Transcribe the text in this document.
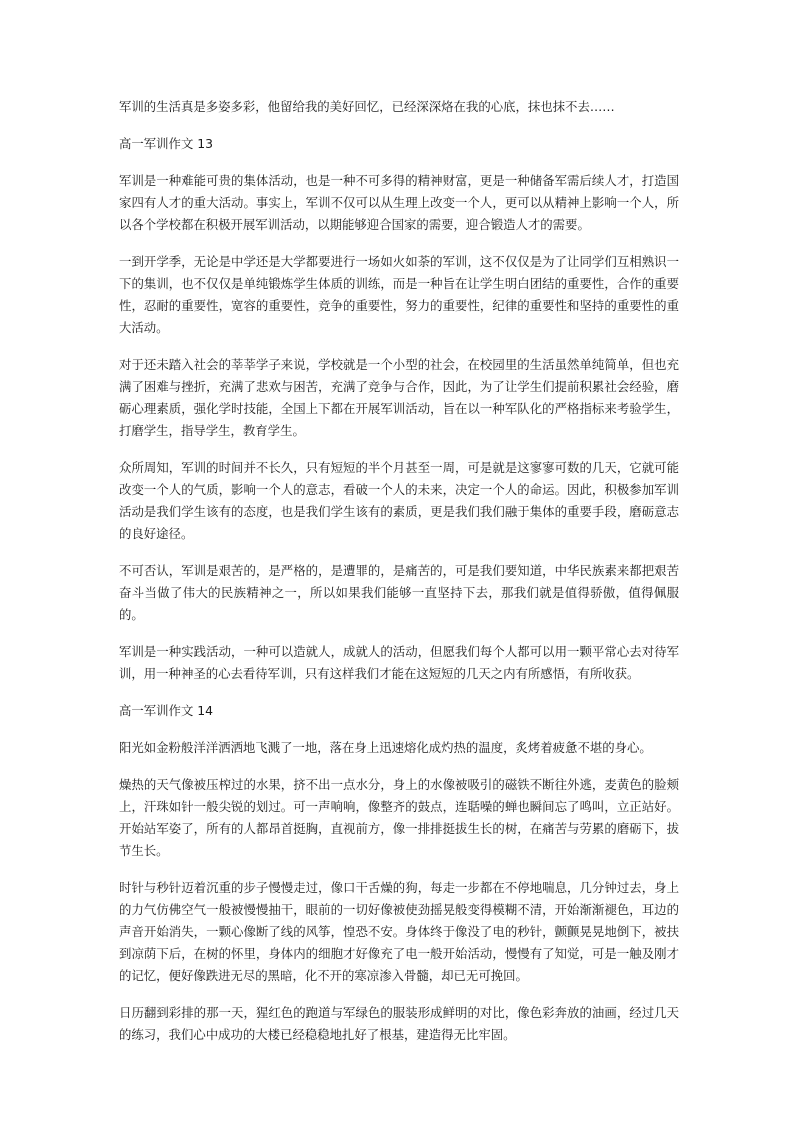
军训的生活真是多姿多彩，他留给我的美好回忆，已经深深烙在我的心底，抹也抹不去……

高一军训作文 13

军训是一种难能可贵的集体活动，也是一种不可多得的精神财富，更是一种储备军需后续人才，打造国家四有人才的重大活动。事实上，军训不仅可以从生理上改变一个人，更可以从精神上影响一个人，所以各个学校都在积极开展军训活动，以期能够迎合国家的需要，迎合锻造人才的需要。

一到开学季，无论是中学还是大学都要进行一场如火如荼的军训，这不仅仅是为了让同学们互相熟识一下的集训，也不仅仅是单纯锻炼学生体质的训练，而是一种旨在让学生明白团结的重要性，合作的重要性，忍耐的重要性，宽容的重要性，竞争的重要性，努力的重要性，纪律的重要性和坚持的重要性的重大活动。

对于还未踏入社会的莘莘学子来说，学校就是一个小型的社会，在校园里的生活虽然单纯简单，但也充满了困难与挫折，充满了悲欢与困苦，充满了竞争与合作，因此，为了让学生们提前积累社会经验，磨砺心理素质，强化学时技能，全国上下都在开展军训活动，旨在以一种军队化的严格指标来考验学生，打磨学生，指导学生，教育学生。

众所周知，军训的时间并不长久，只有短短的半个月甚至一周，可是就是这寥寥可数的几天，它就可能改变一个人的气质，影响一个人的意志，看破一个人的未来，决定一个人的命运。因此，积极参加军训活动是我们学生该有的态度，也是我们学生该有的素质，更是我们我们融于集体的重要手段，磨砺意志的良好途径。

不可否认，军训是艰苦的，是严格的，是遭罪的，是痛苦的，可是我们要知道，中华民族素来都把艰苦奋斗当做了伟大的民族精神之一，所以如果我们能够一直坚持下去，那我们就是值得骄傲，值得佩服的。

军训是一种实践活动，一种可以造就人，成就人的活动，但愿我们每个人都可以用一颗平常心去对待军训，用一种神圣的心去看待军训，只有这样我们才能在这短短的几天之内有所感悟，有所收获。

高一军训作文 14

阳光如金粉般洋洋洒洒地飞溅了一地，落在身上迅速熔化成灼热的温度，炙烤着疲惫不堪的身心。

燥热的天气像被压榨过的水果，挤不出一点水分，身上的水像被吸引的磁铁不断往外逃，麦黄色的脸颊上，汗珠如针一般尖锐的划过。可一声响响，像整齐的鼓点，连聒噪的蝉也瞬间忘了鸣叫，立正站好。开始站军姿了，所有的人都昂首挺胸，直视前方，像一排排挺拔生长的树，在痛苦与劳累的磨砺下，拔节生长。

时针与秒针迈着沉重的步子慢慢走过，像口干舌燥的狗，每走一步都在不停地喘息，几分钟过去，身上的力气仿佛空气一般被慢慢抽干，眼前的一切好像被使劲摇晃般变得模糊不清，开始渐渐褪色，耳边的声音开始消失，一颗心像断了线的风筝，惶恐不安。身体终于像没了电的秒针，颤颤晃晃地倒下，被扶到凉荫下后，在树的怀里，身体内的细胞才好像充了电一般开始活动，慢慢有了知觉，可是一触及刚才的记忆，便好像跌进无尽的黑暗，化不开的寒凉渗入骨髓，却已无可挽回。

日历翻到彩排的那一天，猩红色的跑道与军绿色的服装形成鲜明的对比，像色彩奔放的油画，经过几天的练习，我们心中成功的大楼已经稳稳地扎好了根基，建造得无比牢固。
